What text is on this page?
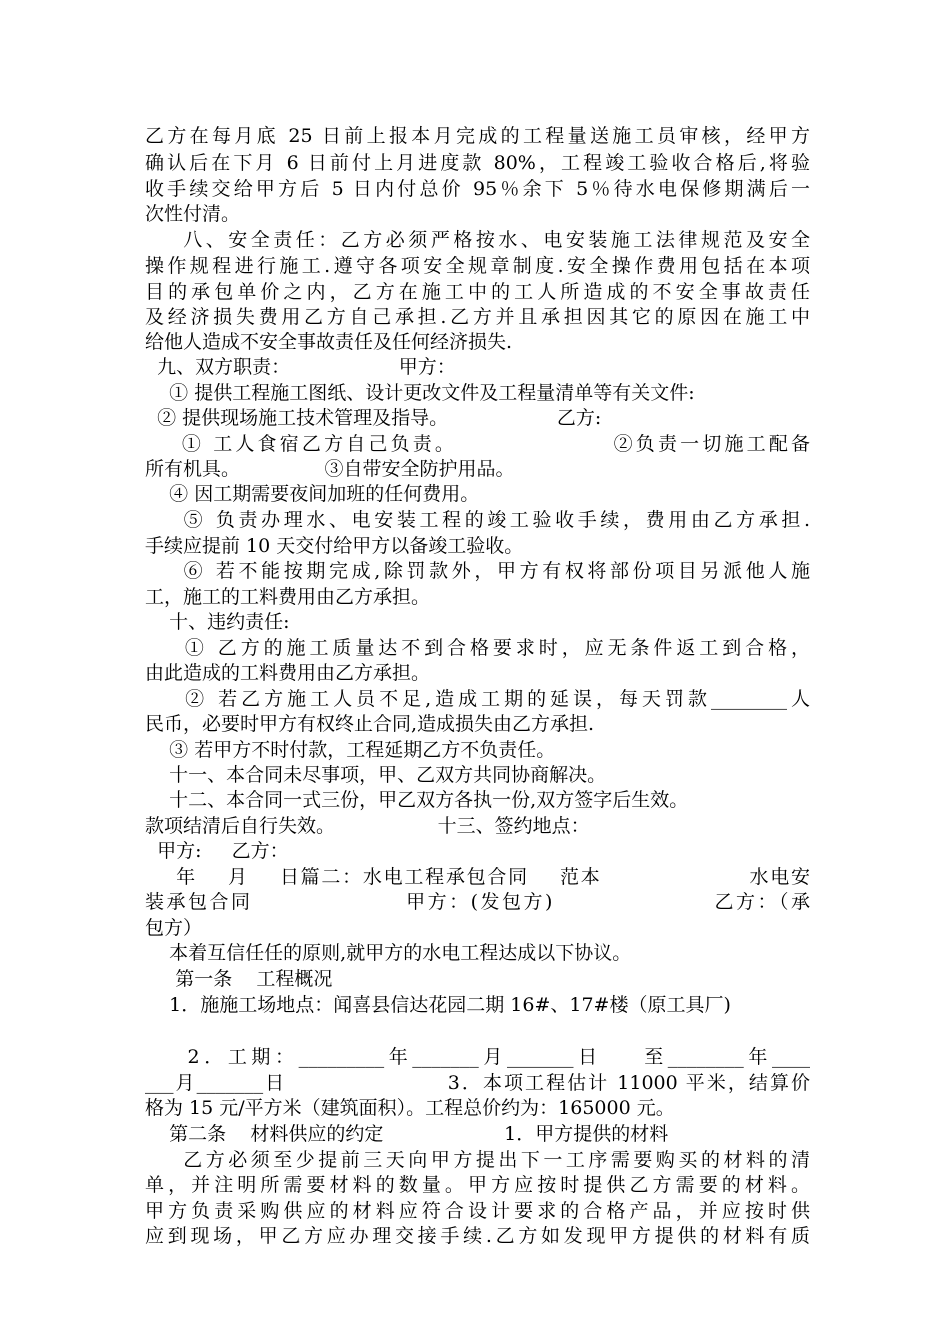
乙方在每月底 25 日前上报本月完成的工程量送施工员审核，经甲方
确认后在下月 6 日前付上月进度款 80%，工程竣工验收合格后,将验
收手续交给甲方后 5 日内付总价 95％余下 5％待水电保修期满后一
次性付清。
八、安全责任：乙方必须严格按水、电安装施工法律规范及安全
操作规程进行施工.遵守各项安全规章制度.安全操作费用包括在本项
目的承包单价之内，乙方在施工中的工人所造成的不安全事故责任
及经济损失费用乙方自己承担.乙方并且承担因其它的原因在施工中
给他人造成不安全事故责任及任何经济损失.
九、双方职责：                  甲方：
① 提供工程施工图纸、设计更改文件及工程量清单等有关文件:
② 提供现场施工技术管理及指导。                  乙方:
① 工人食宿乙方自己负责。                 ②负责一切施工配备
所有机具。              ③自带安全防护用品。
④ 因工期需要夜间加班的任何费用。
⑤ 负责办理水、电安装工程的竣工验收手续，费用由乙方承担.
手续应提前 10 天交付给甲方以备竣工验收。
⑥ 若不能按期完成,除罚款外，甲方有权将部份项目另派他人施
工，施工的工料费用由乙方承担。
十、违约责任:
① 乙方的施工质量达不到合格要求时，应无条件返工到合格，
由此造成的工料费用由乙方承担。
② 若乙方施工人员不足,造成工期的延误，每天罚款________人
民币，必要时甲方有权终止合同,造成损失由乙方承担.
③ 若甲方不时付款，工程延期乙方不负责任。
十一、本合同未尽事项，甲、乙双方共同协商解决。
十二、本合同一式三份，甲乙双方各执一份,双方签字后生效。
款项结清后自行失效。                 十三、签约地点：
甲方:     乙方：
年    月    日篇二：水电工程承包合同    范本                   水电安
装承包合同                  甲方：(发包方)                   乙方：（承
包方）
本着互信任任的原则,就甲方的水电工程达成以下协议。
第一条    工程概况
1．施施工场地点：闻喜县信达花园二期 16#、17#楼（原工具厂)
2．工期：_________年_______月_______日    至________年____
___月_______日                    3．本项工程估计 11000 平米，结算价
格为 15 元/平方米（建筑面积）。工程总价约为：165000 元。
第二条    材料供应的约定                    1．甲方提供的材料
乙方必须至少提前三天向甲方提出下一工序需要购买的材料的清
单，并注明所需要材料的数量。甲方应按时提供乙方需要的材料。
甲方负责采购供应的材料应符合设计要求的合格产品，并应按时供
应到现场，甲乙方应办理交接手续.乙方如发现甲方提供的材料有质
